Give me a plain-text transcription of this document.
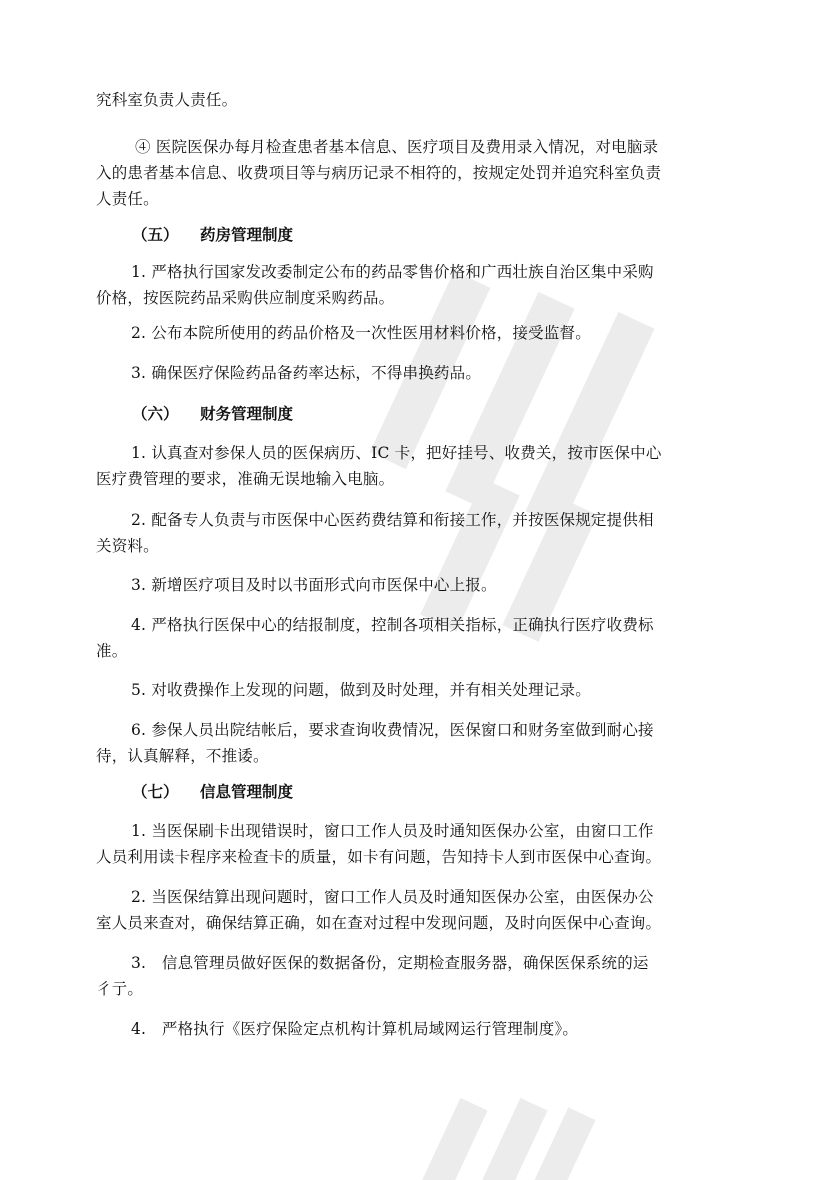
究科室负责人责任。
④ 医院医保办每月检查患者基本信息、医疗项目及费用录入情况，对电脑录
入的患者基本信息、收费项目等与病历记录不相符的，按规定处罚并追究科室负责
人责任。
（五） 药房管理制度
1. 严格执行国家发改委制定公布的药品零售价格和广西壮族自治区集中采购
价格，按医院药品采购供应制度采购药品。
2. 公布本院所使用的药品价格及一次性医用材料价格，接受监督。
3. 确保医疗保险药品备药率达标，不得串换药品。
（六） 财务管理制度
1. 认真查对参保人员的医保病历、IC 卡，把好挂号、收费关，按市医保中心
医疗费管理的要求，准确无误地输入电脑。
2. 配备专人负责与市医保中心医药费结算和衔接工作，并按医保规定提供相
关资料。
3. 新增医疗项目及时以书面形式向市医保中心上报。
4. 严格执行医保中心的结报制度，控制各项相关指标，正确执行医疗收费标
准。
5. 对收费操作上发现的问题，做到及时处理，并有相关处理记录。
6. 参保人员出院结帐后，要求查询收费情况，医保窗口和财务室做到耐心接
待，认真解释，不推诿。
（七） 信息管理制度
1. 当医保刷卡出现错误时，窗口工作人员及时通知医保办公室，由窗口工作
人员利用读卡程序来检查卡的质量，如卡有问题，告知持卡人到市医保中心查询。
2. 当医保结算出现问题时，窗口工作人员及时通知医保办公室，由医保办公
室人员来查对，确保结算正确，如在查对过程中发现问题，及时向医保中心查询。
3.　信息管理员做好医保的数据备份，定期检查服务器，确保医保系统的运
彳亍。
4.　严格执行《医疗保险定点机构计算机局域网运行管理制度》。
